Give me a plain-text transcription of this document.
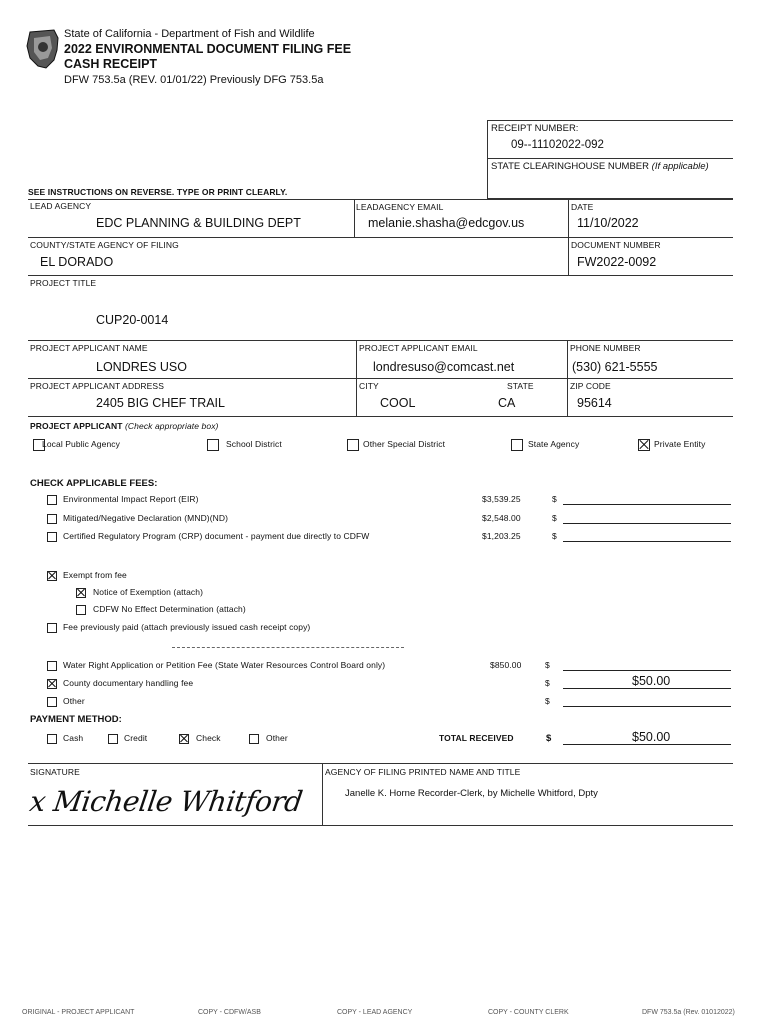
State of California - Department of Fish and Wildlife
2022 ENVIRONMENTAL DOCUMENT FILING FEE
CASH RECEIPT
DFW 753.5a (REV. 01/01/22) Previously DFG 753.5a
RECEIPT NUMBER:
09--11102022-092
STATE CLEARINGHOUSE NUMBER (If applicable)
SEE INSTRUCTIONS ON REVERSE. TYPE OR PRINT CLEARLY.
LEAD AGENCY
EDC PLANNING & BUILDING DEPT
LEADAGENCY EMAIL
melanie.shasha@edcgov.us
DATE
11/10/2022
COUNTY/STATE AGENCY OF FILING
EL DORADO
DOCUMENT NUMBER
FW2022-0092
PROJECT TITLE
CUP20-0014
PROJECT APPLICANT NAME
LONDRES USO
PROJECT APPLICANT EMAIL
londresuso@comcast.net
PHONE NUMBER
(530) 621-5555
PROJECT APPLICANT ADDRESS
2405 BIG CHEF TRAIL
CITY
COOL
STATE
CA
ZIP CODE
95614
PROJECT APPLICANT (Check appropriate box)
Local Public Agency	School District	Other Special District	State Agency	Private Entity
CHECK APPLICABLE FEES:
Environmental Impact Report (EIR)	$3,539.25	$
Mitigated/Negative Declaration (MND)(ND)	$2,548.00	$
Certified Regulatory Program (CRP) document - payment due directly to CDFW	$1,203.25	$
Exempt from fee
Notice of Exemption (attach)
CDFW No Effect Determination (attach)
Fee previously paid (attach previously issued cash receipt copy)
Water Right Application or Petition Fee (State Water Resources Control Board only)	$850.00	$
County documentary handling fee	$	$50.00
Other	$
PAYMENT METHOD:
Cash	Credit	Check	Other	TOTAL RECEIVED	$	$50.00
SIGNATURE	AGENCY OF FILING PRINTED NAME AND TITLE
x Michelle Whitford	Janelle K. Horne Recorder-Clerk, by Michelle Whitford, Dpty
ORIGINAL - PROJECT APPLICANT	COPY - CDFW/ASB	COPY - LEAD AGENCY	COPY - COUNTY CLERK	DFW 753.5a (Rev. 01012022)
